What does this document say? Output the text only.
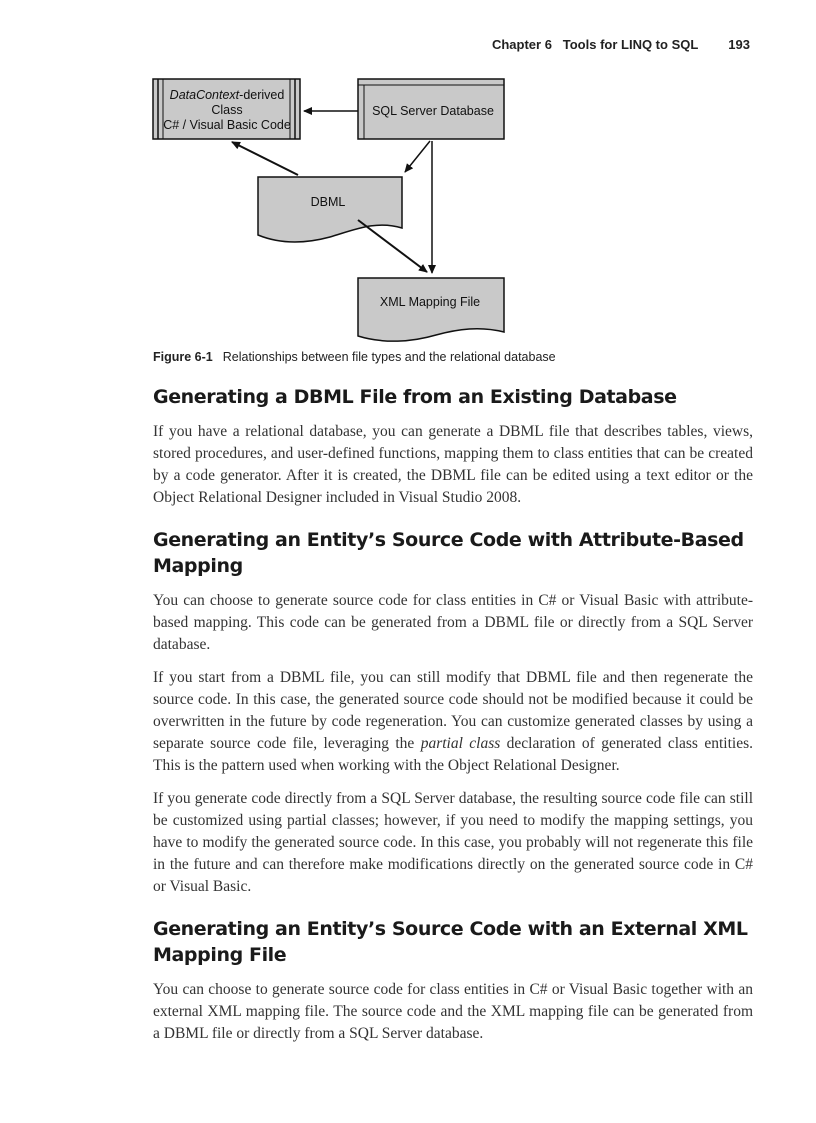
Chapter 6   Tools for LINQ to SQL 193
DataContext-derived
Class
C# / Visual Basic Code
SQL Server Database
DBML
XML Mapping File
Figure 6-1 Relationships between file types and the relational database
Generating a DBML File from an Existing Database

If you have a relational database, you can generate a DBML file that describes tables, views, stored procedures, and user-defined functions, mapping them to class entities that can be created by a code generator. After it is created, the DBML file can be edited using a text editor or the Object Relational Designer included in Visual Studio 2008.

Generating an Entity’s Source Code with Attribute-Based Mapping

You can choose to generate source code for class entities in C# or Visual Basic with attribute-based mapping. This code can be generated from a DBML file or directly from a SQL Server database.

If you start from a DBML file, you can still modify that DBML file and then regenerate the source code. In this case, the generated source code should not be modified because it could be overwritten in the future by code regeneration. You can customize generated classes by using a separate source code file, leveraging the partial class declaration of generated class entities. This is the pattern used when working with the Object Relational Designer.

If you generate code directly from a SQL Server database, the resulting source code file can still be customized using partial classes; however, if you need to modify the mapping settings, you have to modify the generated source code. In this case, you probably will not regenerate this file in the future and can therefore make modifications directly on the generated source code in C# or Visual Basic.

Generating an Entity’s Source Code with an External XML Mapping File

You can choose to generate source code for class entities in C# or Visual Basic together with an external XML mapping file. The source code and the XML mapping file can be generated from a DBML file or directly from a SQL Server database.
